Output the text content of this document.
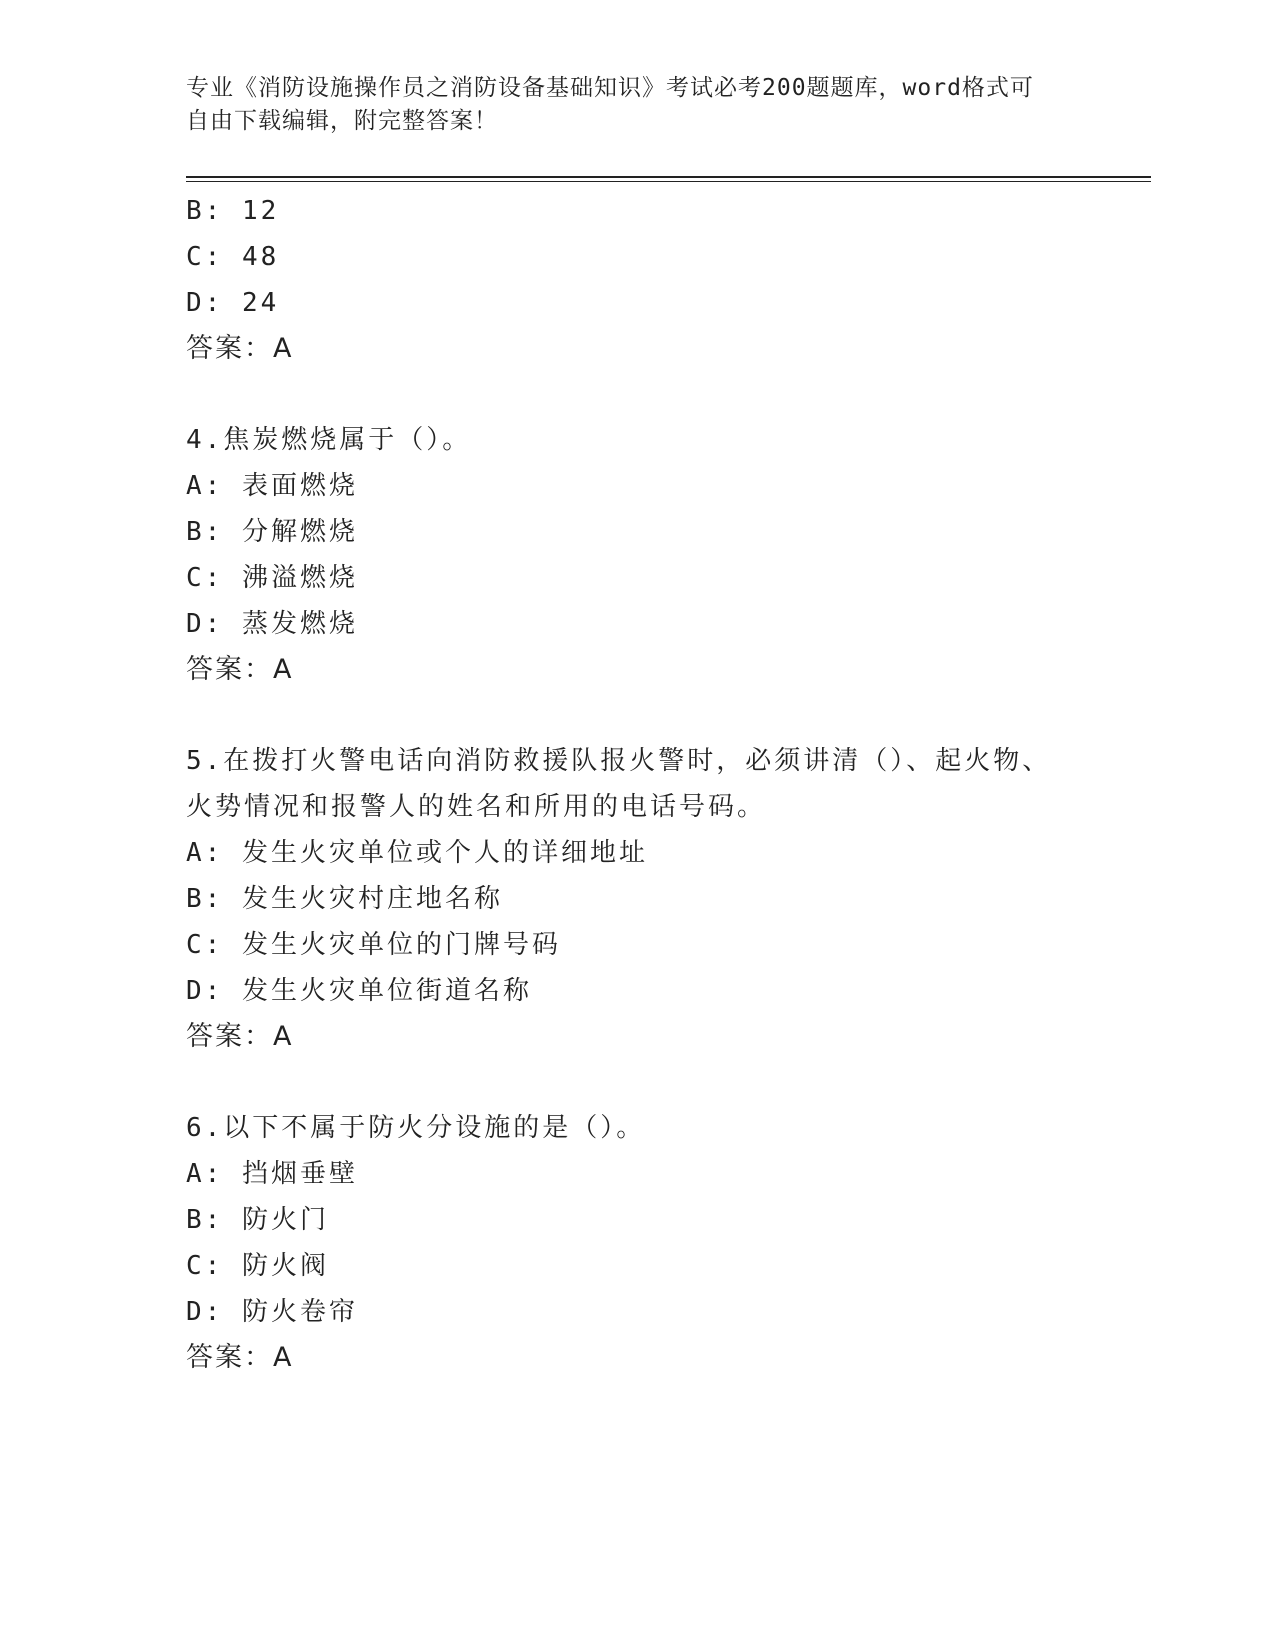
专业《消防设施操作员之消防设备基础知识》考试必考200题题库，word格式可
自由下载编辑，附完整答案！
B: 12
C: 48
D: 24
答案：A
4.焦炭燃烧属于（）。
A: 表面燃烧
B: 分解燃烧
C: 沸溢燃烧
D: 蒸发燃烧
答案：A
5.在拨打火警电话向消防救援队报火警时，必须讲清（）、起火物、
火势情况和报警人的姓名和所用的电话号码。
A: 发生火灾单位或个人的详细地址
B: 发生火灾村庄地名称
C: 发生火灾单位的门牌号码
D: 发生火灾单位街道名称
答案：A
6.以下不属于防火分设施的是（）。
A: 挡烟垂壁
B: 防火门
C: 防火阀
D: 防火卷帘
答案：A
